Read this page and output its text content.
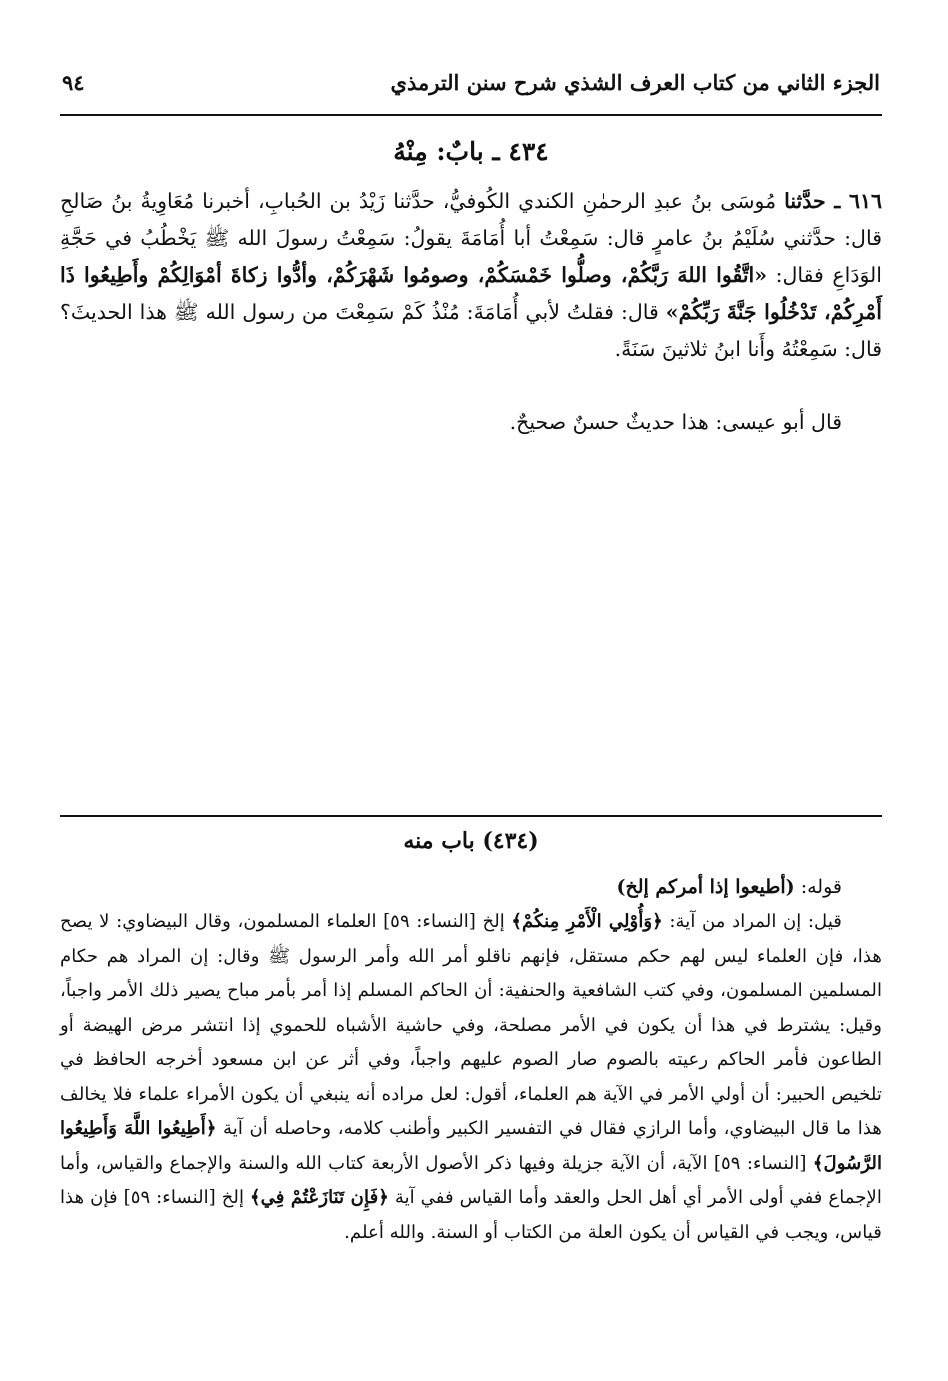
الجزء الثاني من كتاب العرف الشذي شرح سنن الترمذي
٩٤
٤٣٤ ـ بابٌ: مِنْهُ
٦١٦ ـ حدَّثنا مُوسَى بنُ عبدِ الرحمٰنِ الكندي الكُوفيُّ، حدَّثنا زَيْدُ بن الحُبابِ، أخبرنا مُعَاوِيةُ بنُ صَالحِ قال: حدَّثني سُلَيْمُ بنُ عامرٍ قال: سَمِعْتُ أبا أُمَامَةَ يقولُ: سَمِعْتُ رسولَ الله ﷺ يَخْطُبُ في حَجَّةِ الوَدَاعِ فقال: «اتَّقُوا اللهَ رَبَّكُمْ، وصلُّوا خَمْسَكُمْ، وصومُوا شَهْرَكُمْ، وأدُّوا زكاةَ أمْوَالِكُمْ وأَطِيعُوا ذَا أَمْرِكُمْ، تَدْخُلُوا جَنَّةَ رَبِّكُمْ» قال: فقلتُ لأبي أُمَامَةَ: مُنْذُ كَمْ سَمِعْتَ من رسول الله ﷺ هذا الحديثَ؟ قال: سَمِعْتُهُ وأَنا ابنُ ثلاثينَ سَنَةً.
قال أبو عيسى: هذا حديثٌ حسنٌ صحيحٌ.
(٤٣٤) باب منه
قوله: (أطيعوا إذا أمركم إلخ)
قيل: إن المراد من آية: ﴿وَأُوْلِي الْأَمْرِ مِنكُمْ﴾ إلخ [النساء: ٥٩] العلماء المسلمون، وقال البيضاوي: لا يصح هذا، فإن العلماء ليس لهم حكم مستقل، فإنهم ناقلو أمر الله وأمر الرسول ﷺ وقال: إن المراد هم حكام المسلمين المسلمون، وفي كتب الشافعية والحنفية: أن الحاكم المسلم إذا أمر بأمر مباح يصير ذلك الأمر واجباً، وقيل: يشترط في هذا أن يكون في الأمر مصلحة، وفي حاشية الأشباه للحموي إذا انتشر مرض الهيضة أو الطاعون فأمر الحاكم رعيته بالصوم صار الصوم عليهم واجباً، وفي أثر عن ابن مسعود أخرجه الحافظ في تلخيص الحبير: أن أولي الأمر في الآية هم العلماء، أقول: لعل مراده أنه ينبغي أن يكون الأمراء علماء فلا يخالف هذا ما قال البيضاوي، وأما الرازي فقال في التفسير الكبير وأطنب كلامه، وحاصله أن آية ﴿أَطِيعُوا اللَّهَ وَأَطِيعُوا الرَّسُولَ﴾ [النساء: ٥٩] الآية، أن الآية جزيلة وفيها ذكر الأصول الأربعة كتاب الله والسنة والإجماع والقياس، وأما الإجماع ففي أولى الأمر أي أهل الحل والعقد وأما القياس ففي آية ﴿فَإِن تَنَازَعْتُمْ فِي﴾ إلخ [النساء: ٥٩] فإن هذا قياس، ويجب في القياس أن يكون العلة من الكتاب أو السنة. والله أعلم.
